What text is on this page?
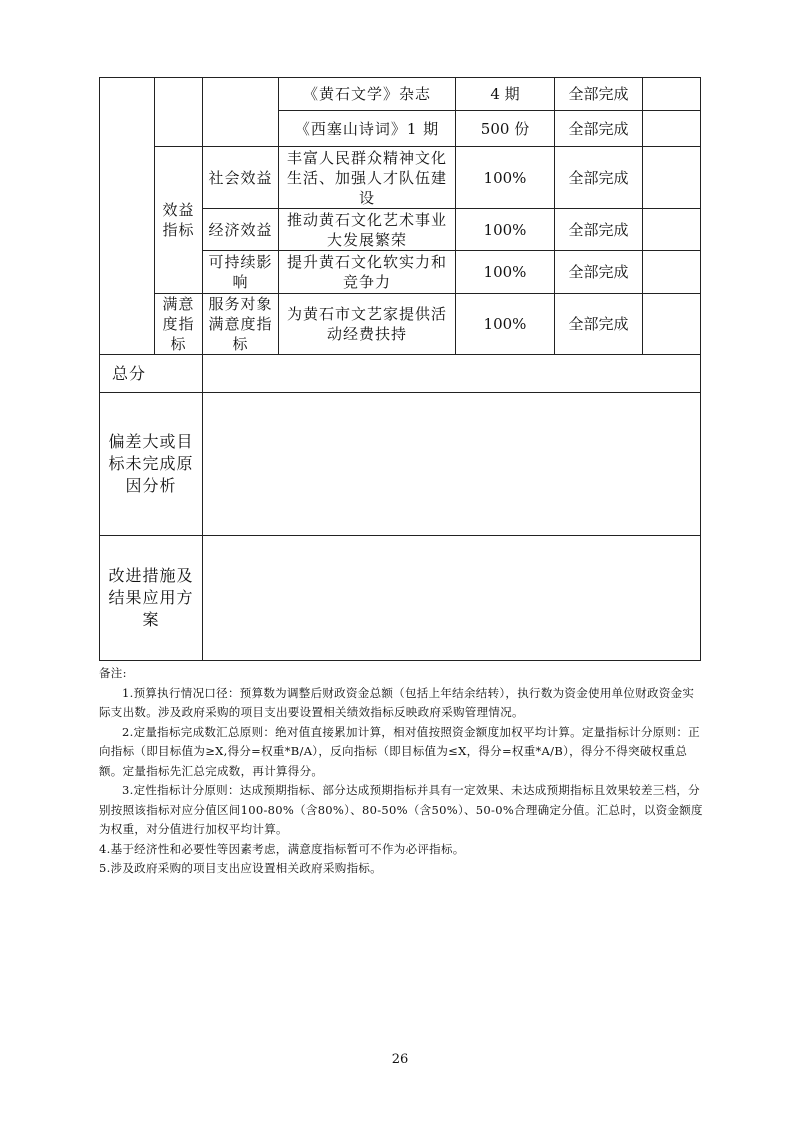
			《黄石文学》杂志	4 期	全部完成	
			《西塞山诗词》1 期	500 份	全部完成	
	效益指标	社会效益	丰富人民群众精神文化生活、加强人才队伍建设	100%	全部完成	
		经济效益	推动黄石文化艺术事业大发展繁荣	100%	全部完成	
		可持续影响	提升黄石文化软实力和竞争力	100%	全部完成	
	满意度指标	服务对象满意度指标	为黄石市文艺家提供活动经费扶持	100%	全部完成	
总分	
偏差大或目标未完成原因分析	
改进措施及结果应用方案	

备注:

1.预算执行情况口径：预算数为调整后财政资金总额（包括上年结余结转），执行数为资金使用单位财政资金实际支出数。涉及政府采购的项目支出要设置相关绩效指标反映政府采购管理情况。

2.定量指标完成数汇总原则：绝对值直接累加计算，相对值按照资金额度加权平均计算。定量指标计分原则：正向指标（即目标值为≥X,得分=权重*B/A），反向指标（即目标值为≤X，得分=权重*A/B），得分不得突破权重总额。定量指标先汇总完成数，再计算得分。

3.定性指标计分原则：达成预期指标、部分达成预期指标并具有一定效果、未达成预期指标且效果较差三档，分别按照该指标对应分值区间100-80%（含80%）、80-50%（含50%）、50-0%合理确定分值。汇总时，以资金额度为权重，对分值进行加权平均计算。

4.基于经济性和必要性等因素考虑，满意度指标暂可不作为必评指标。

5.涉及政府采购的项目支出应设置相关政府采购指标。

26
